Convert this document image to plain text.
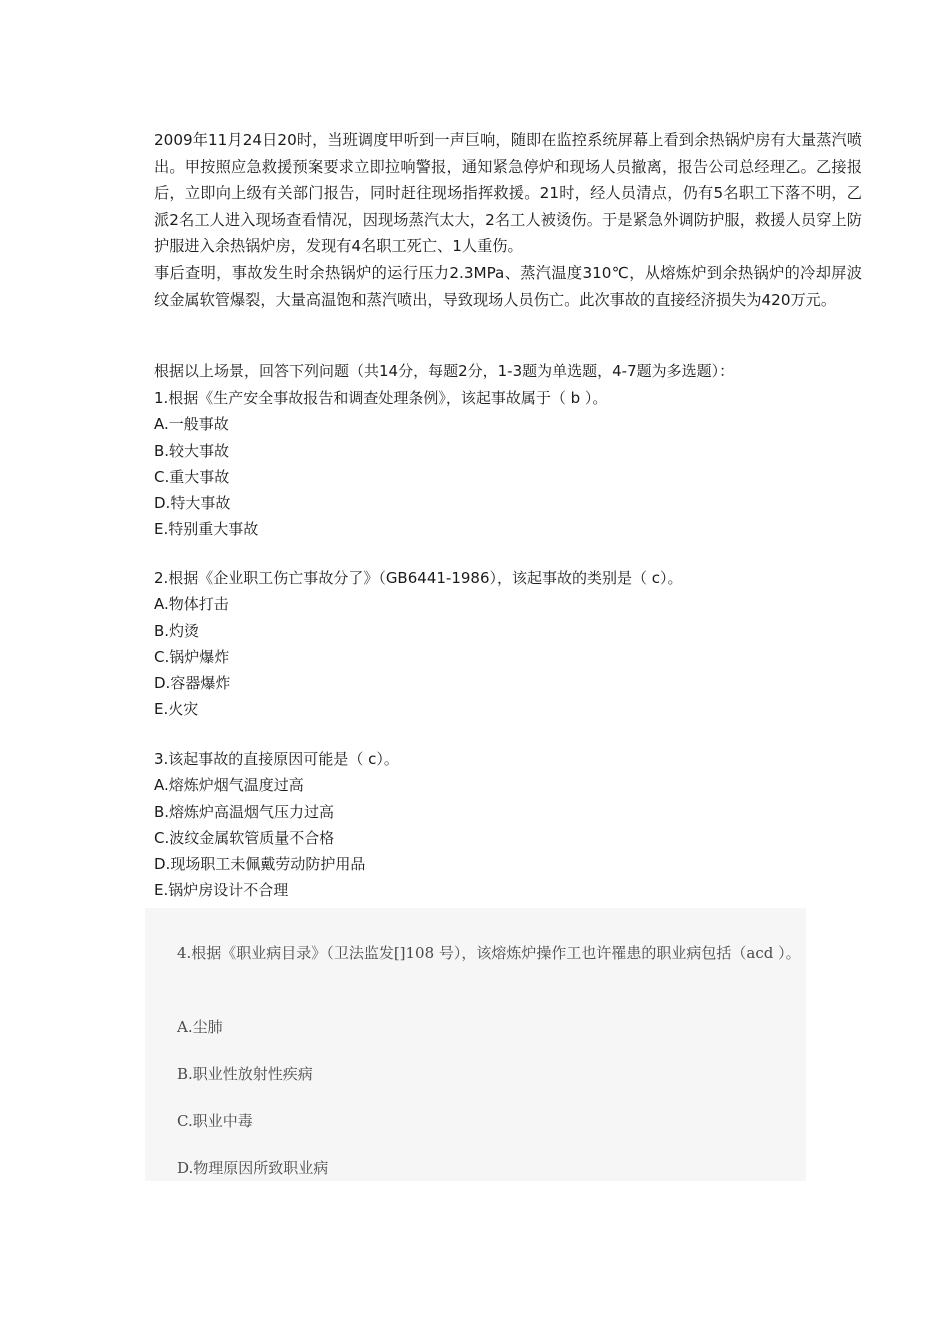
2009年11月24日20时，当班调度甲听到一声巨响，随即在监控系统屏幕上看到余热锅炉房有大量蒸汽喷出。甲按照应急救援预案要求立即拉响警报，通知紧急停炉和现场人员撤离，报告公司总经理乙。乙接报后，立即向上级有关部门报告，同时赶往现场指挥救援。21时，经人员清点，仍有5名职工下落不明，乙派2名工人进入现场查看情况，因现场蒸汽太大，2名工人被烫伤。于是紧急外调防护服，救援人员穿上防护服进入余热锅炉房，发现有4名职工死亡、1人重伤。

事后查明，事故发生时余热锅炉的运行压力2.3MPa、蒸汽温度310℃，从熔炼炉到余热锅炉的冷却屏波纹金属软管爆裂，大量高温饱和蒸汽喷出，导致现场人员伤亡。此次事故的直接经济损失为420万元。

根据以上场景，回答下列问题（共14分，每题2分，1-3题为单选题，4-7题为多选题）：

1.根据《生产安全事故报告和调查处理条例》，该起事故属于（ b ）。

A.一般事故

B.较大事故

C.重大事故

D.特大事故

E.特别重大事故

2.根据《企业职工伤亡事故分了》（GB6441-1986），该起事故的类别是（ c）。

A.物体打击

B.灼烫

C.锅炉爆炸

D.容器爆炸

E.火灾

3.该起事故的直接原因可能是（ c）。

A.熔炼炉烟气温度过高

B.熔炼炉高温烟气压力过高

C.波纹金属软管质量不合格

D.现场职工未佩戴劳动防护用品

E.锅炉房设计不合理

4.根据《职业病目录》（卫法监发[]108 号），该熔炼炉操作工也许罹患的职业病包括（acd ）。
A.尘肺
B.职业性放射性疾病
C.职业中毒
D.物理原因所致职业病
